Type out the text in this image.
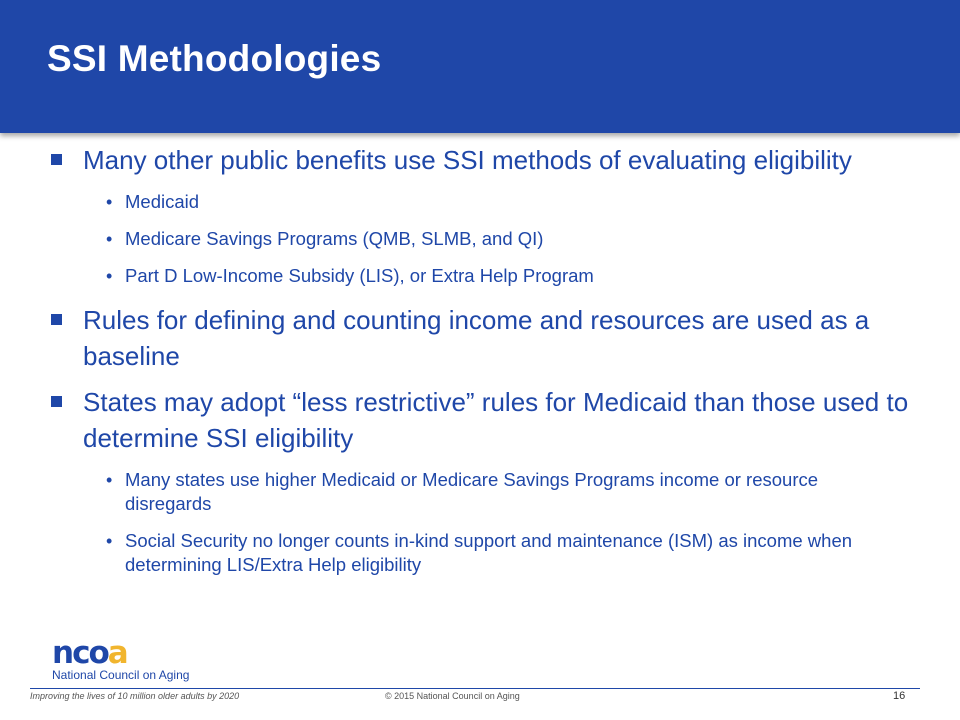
SSI Methodologies
Many other public benefits use SSI methods of evaluating eligibility
• Medicaid
• Medicare Savings Programs (QMB, SLMB, and QI)
• Part D Low-Income Subsidy (LIS), or Extra Help Program
Rules for defining and counting income and resources are used as a baseline
States may adopt “less restrictive” rules for Medicaid than those used to determine SSI eligibility
• Many states use higher Medicaid or Medicare Savings Programs income or resource disregards
• Social Security no longer counts in-kind support and maintenance (ISM) as income when determining LIS/Extra Help eligibility
ncoa
National Council on Aging
Improving the lives of 10 million older adults by 2020	© 2015 National Council on Aging	16
